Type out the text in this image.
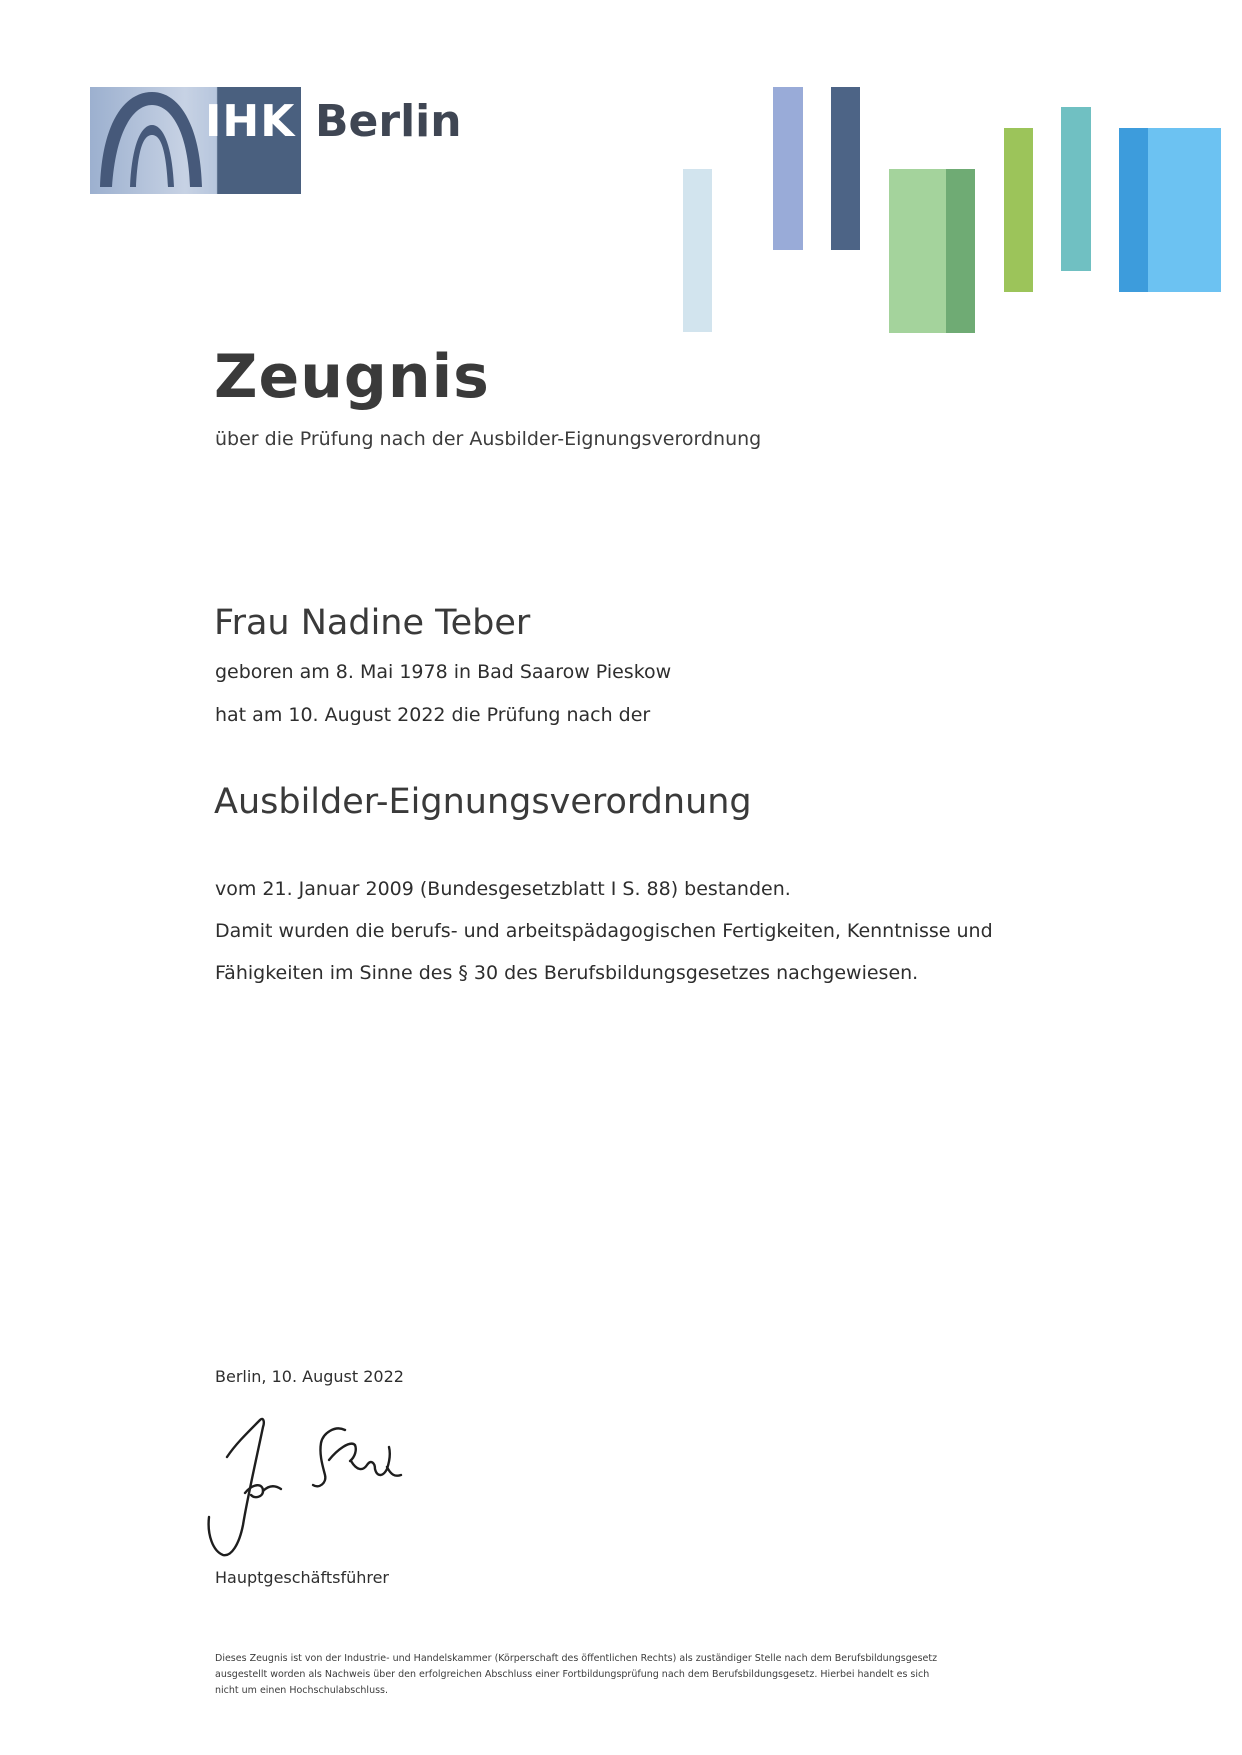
IHK Berlin
Zeugnis
über die Prüfung nach der Ausbilder-Eignungsverordnung
Frau Nadine Teber
geboren am 8. Mai 1978 in Bad Saarow Pieskow
hat am 10. August 2022 die Prüfung nach der
Ausbilder-Eignungsverordnung
vom 21. Januar 2009 (Bundesgesetzblatt I S. 88) bestanden.
Damit wurden die berufs- und arbeitspädagogischen Fertigkeiten, Kenntnisse und
Fähigkeiten im Sinne des § 30 des Berufsbildungsgesetzes nachgewiesen.
Berlin, 10. August 2022
Hauptgeschäftsführer
Dieses Zeugnis ist von der Industrie- und Handelskammer (Körperschaft des öffentlichen Rechts) als zuständiger Stelle nach dem Berufsbildungsgesetz ausgestellt worden als Nachweis über den erfolgreichen Abschluss einer Fortbildungsprüfung nach dem Berufsbildungsgesetz. Hierbei handelt es sich nicht um einen Hochschulabschluss.
